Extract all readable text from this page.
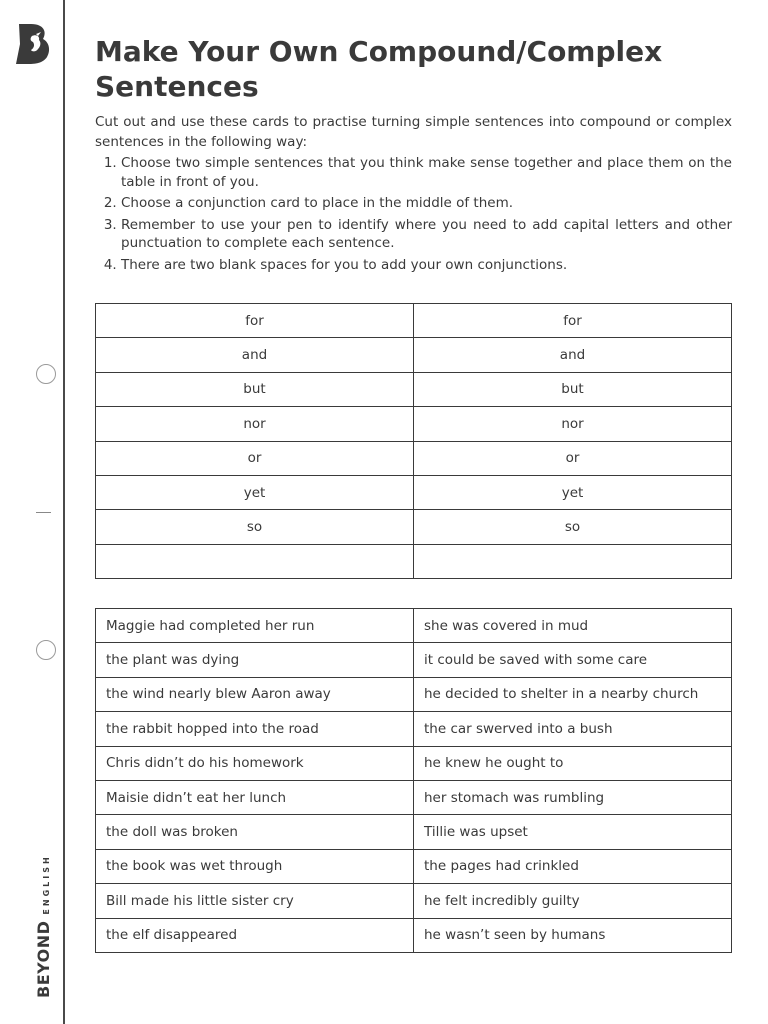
BEYOND
ENGLISH
Make Your Own Compound/Complex Sentences

Cut out and use these cards to practise turning simple sentences into compound or complex sentences in the following way:

1. Choose two simple sentences that you think make sense together and place them on the table in front of you.
2. Choose a conjunction card to place in the middle of them.
3. Remember to use your pen to identify where you need to add capital letters and other punctuation to complete each sentence.
4. There are two blank spaces for you to add your own conjunctions.
for	for
and	and
but	but
nor	nor
or	or
yet	yet
so	so

Maggie had completed her run	she was covered in mud
the plant was dying	it could be saved with some care
the wind nearly blew Aaron away	he decided to shelter in a nearby church
the rabbit hopped into the road	the car swerved into a bush
Chris didn’t do his homework	he knew he ought to
Maisie didn’t eat her lunch	her stomach was rumbling
the doll was broken	Tillie was upset
the book was wet through	the pages had crinkled
Bill made his little sister cry	he felt incredibly guilty
the elf disappeared	he wasn’t seen by humans
